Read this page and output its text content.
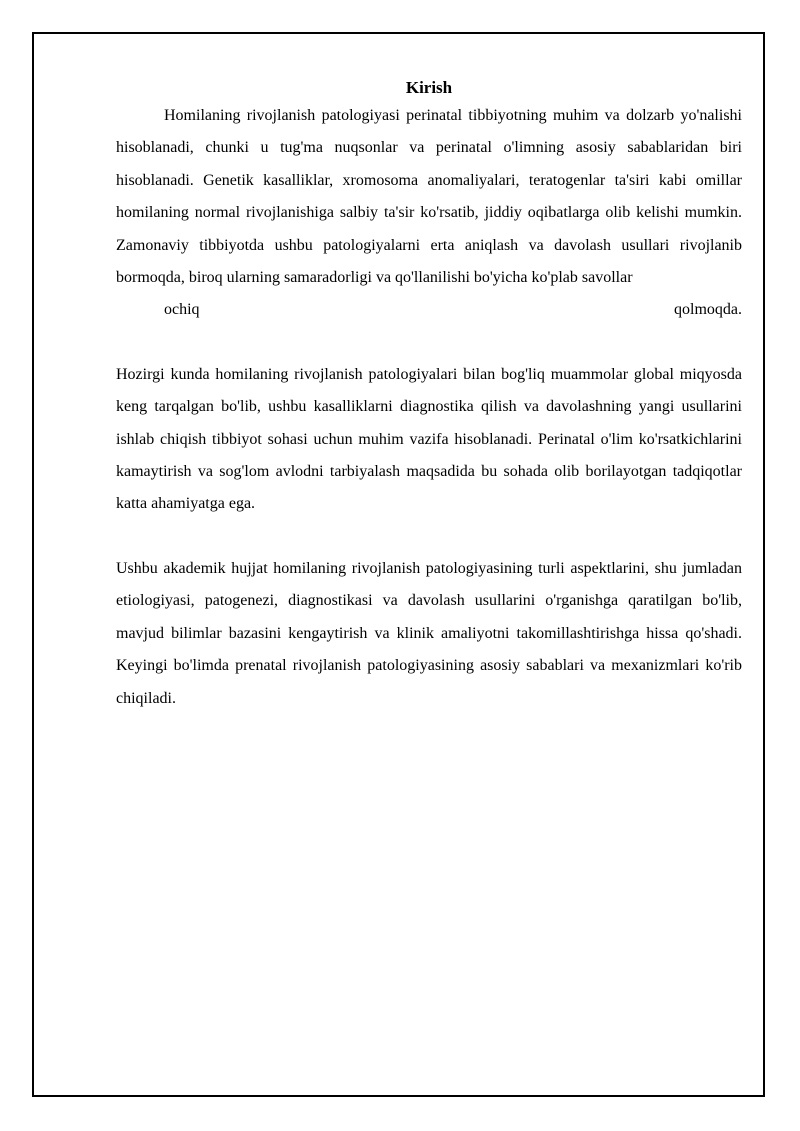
Kirish

Homilaning rivojlanish patologiyasi perinatal tibbiyotning muhim va dolzarb yo'nalishi hisoblanadi, chunki u tug'ma nuqsonlar va perinatal o'limning asosiy sabablaridan biri hisoblanadi. Genetik kasalliklar, xromosoma anomaliyalari, teratogenlar ta'siri kabi omillar homilaning normal rivojlanishiga salbiy ta'sir ko'rsatib, jiddiy oqibatlarga olib kelishi mumkin. Zamonaviy tibbiyotda ushbu patologiyalarni erta aniqlash va davolash usullari rivojlanib bormoqda, biroq ularning samaradorligi va qo'llanilishi bo'yicha ko'plab savollar
ochiq qolmoqda.

Hozirgi kunda homilaning rivojlanish patologiyalari bilan bog'liq muammolar global miqyosda keng tarqalgan bo'lib, ushbu kasalliklarni diagnostika qilish va davolashning yangi usullarini ishlab chiqish tibbiyot sohasi uchun muhim vazifa hisoblanadi. Perinatal o'lim ko'rsatkichlarini kamaytirish va sog'lom avlodni tarbiyalash maqsadida bu sohada olib borilayotgan tadqiqotlar katta ahamiyatga ega.

Ushbu akademik hujjat homilaning rivojlanish patologiyasining turli aspektlarini, shu jumladan etiologiyasi, patogenezi, diagnostikasi va davolash usullarini o'rganishga qaratilgan bo'lib, mavjud bilimlar bazasini kengaytirish va klinik amaliyotni takomillashtirishga hissa qo'shadi. Keyingi bo'limda prenatal rivojlanish patologiyasining asosiy sabablari va mexanizmlari ko'rib chiqiladi.
